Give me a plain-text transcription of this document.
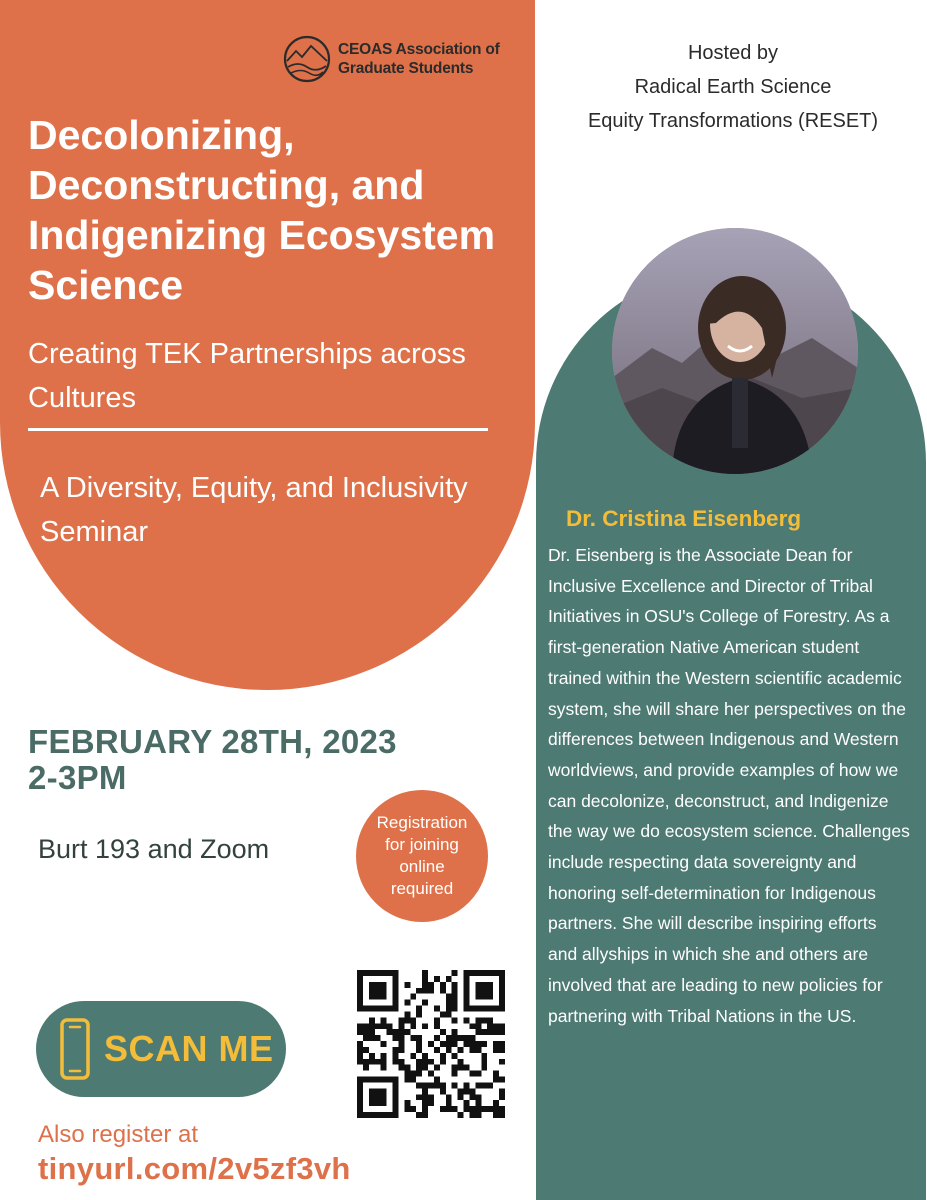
CEOAS Association of Graduate Students
Decolonizing, Deconstructing, and Indigenizing Ecosystem Science

Creating TEK Partnerships across Cultures

A Diversity, Equity, and Inclusivity Seminar

FEBRUARY 28TH, 2023
2-3PM
Burt 193 and Zoom
Registration for joining online required
SCAN ME
Also register at
tinyurl.com/2v5zf3vh
Hosted by
Radical Earth Science
Equity Transformations (RESET)
Dr. Cristina Eisenberg

Dr. Eisenberg is the Associate Dean for Inclusive Excellence and Director of Tribal Initiatives in OSU's College of Forestry. As a first-generation Native American student trained within the Western scientific academic system, she will share her perspectives on the differences between Indigenous and Western worldviews, and provide examples of how we can decolonize, deconstruct, and Indigenize the way we do ecosystem science. Challenges include respecting data sovereignty and honoring self-determination for Indigenous partners. She will describe inspiring efforts and allyships in which she and others are involved that are leading to new policies for partnering with Tribal Nations in the US.
